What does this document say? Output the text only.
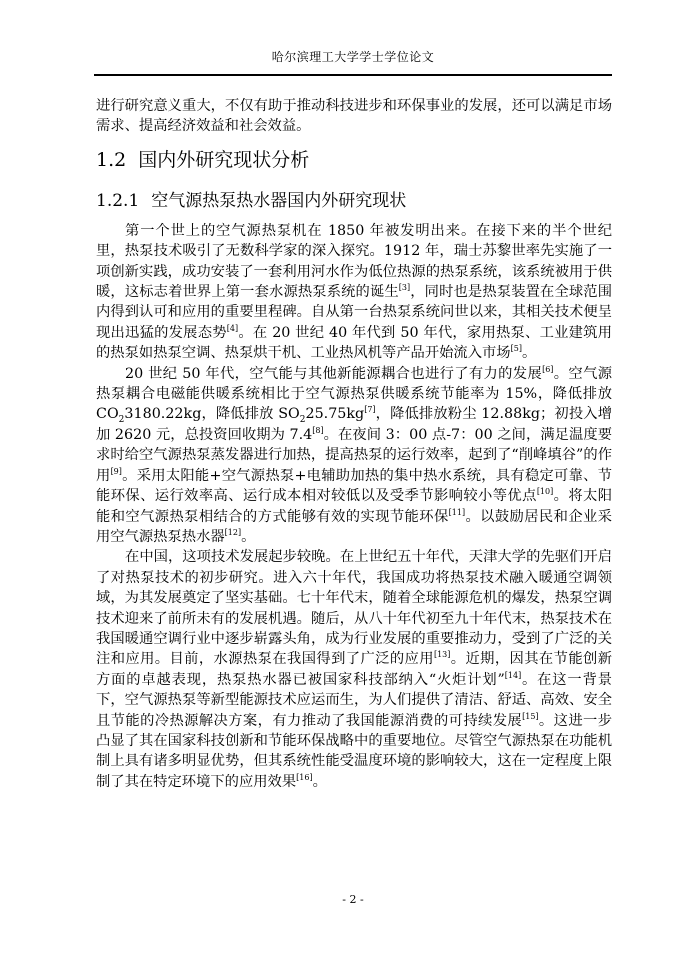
哈尔滨理工大学学士学位论文

进行研究意义重大，不仅有助于推动科技进步和环保事业的发展，还可以满足市场需求、提高经济效益和社会效益。

1.2 国内外研究现状分析
1.2.1 空气源热泵热水器国内外研究现状

第一个世上的空气源热泵机在 1850 年被发明出来。在接下来的半个世纪里，热泵技术吸引了无数科学家的深入探究。1912 年，瑞士苏黎世率先实施了一项创新实践，成功安装了一套利用河水作为低位热源的热泵系统，该系统被用于供暖，这标志着世界上第一套水源热泵系统的诞生[3]，同时也是热泵装置在全球范围内得到认可和应用的重要里程碑。自从第一台热泵系统问世以来，其相关技术便呈现出迅猛的发展态势[4]。在 20 世纪 40 年代到 50 年代，家用热泵、工业建筑用的热泵如热泵空调、热泵烘干机、工业热风机等产品开始流入市场[5]。

20 世纪 50 年代，空气能与其他新能源耦合也进行了有力的发展[6]。空气源热泵耦合电磁能供暖系统相比于空气源热泵供暖系统节能率为 15%，降低排放 $CO_23180.22kg$，降低排放 $SO_225.75kg[7]$，降低排放粉尘 12.88kg；初投入增加 2620 元，总投资回收期为 7.4[8]。在夜间 3：00 点-7：00 之间，满足温度要求时给空气源热泵蒸发器进行加热，提高热泵的运行效率，起到了“削峰填谷”的作用[9]。采用太阳能+空气源热泵+电辅助加热的集中热水系统，具有稳定可靠、节能环保、运行效率高、运行成本相对较低以及受季节影响较小等优点[10]。将太阳能和空气源热泵相结合的方式能够有效的实现节能环保[11]。以鼓励居民和企业采用空气源热泵热水器[12]。

在中国，这项技术发展起步较晚。在上世纪五十年代，天津大学的先驱们开启了对热泵技术的初步研究。进入六十年代，我国成功将热泵技术融入暖通空调领域，为其发展奠定了坚实基础。七十年代末，随着全球能源危机的爆发，热泵空调技术迎来了前所未有的发展机遇。随后，从八十年代初至九十年代末，热泵技术在我国暖通空调行业中逐步崭露头角，成为行业发展的重要推动力，受到了广泛的关注和应用。目前，水源热泵在我国得到了广泛的应用[13]。近期，因其在节能创新方面的卓越表现，热泵热水器已被国家科技部纳入“火炬计划”[14]。在这一背景下，空气源热泵等新型能源技术应运而生，为人们提供了清洁、舒适、高效、安全且节能的冷热源解决方案，有力推动了我国能源消费的可持续发展[15]。这进一步凸显了其在国家科技创新和节能环保战略中的重要地位。尽管空气源热泵在功能机制上具有诸多明显优势，但其系统性能受温度环境的影响较大，这在一定程度上限制了其在特定环境下的应用效果[16]。

- 2 -
